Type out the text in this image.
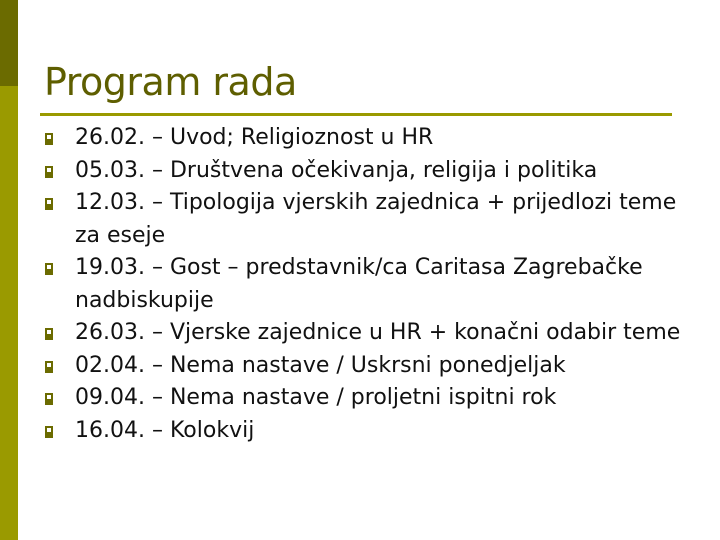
Program rada
26.02. – Uvod; Religioznost u HR
05.03. – Društvena očekivanja, religija i politika
12.03. – Tipologija vjerskih zajednica + prijedlozi teme za eseje
19.03. – Gost – predstavnik/ca Caritasa Zagrebačke nadbiskupije
26.03. – Vjerske zajednice u HR + konačni odabir teme
02.04. – Nema nastave / Uskrsni ponedjeljak
09.04. – Nema nastave / proljetni ispitni rok
16.04. – Kolokvij
